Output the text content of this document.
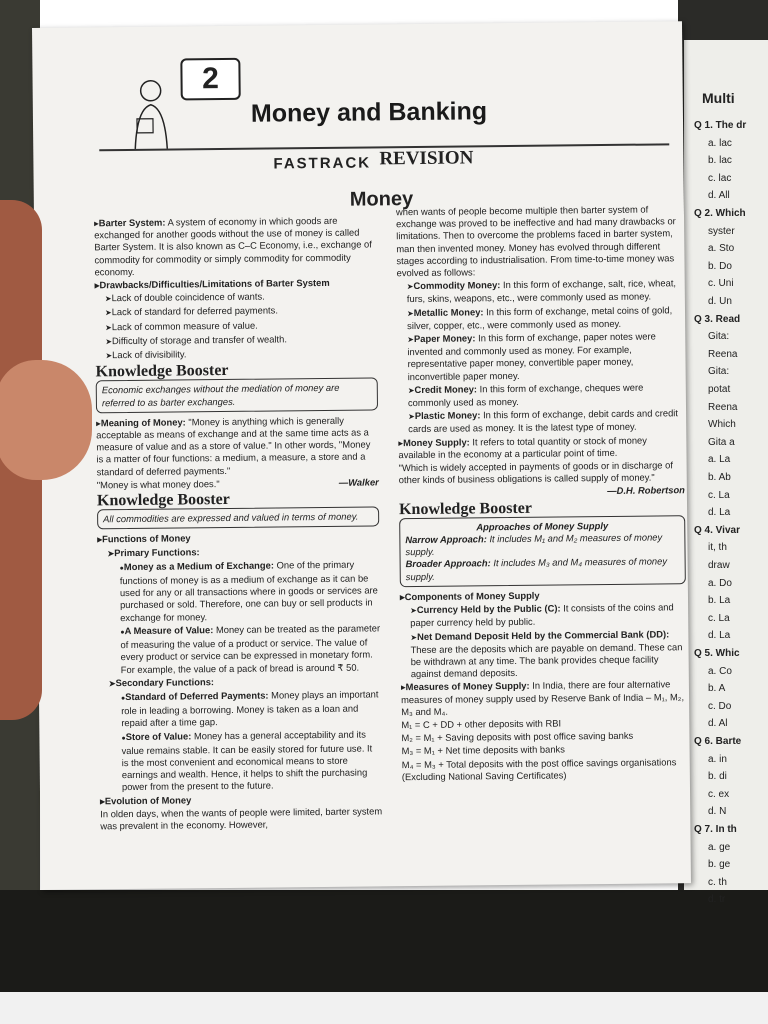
Multi
Q 1. The dr
a. lac
b. lac
c. lac
d. All
Q 2. Which
syster
a. Sto
b. Do
c. Uni
d. Un
Q 3. Read
Gita:
Reena
Gita:
potat
Reena
Which
Gita a
a. La
b. Ab
c. La
d. La
Q 4. Vivar
it, th
draw
a. Do
b. La
c. La
d. La
Q 5. Whic
a. Co
b. A
c. Do
d. Al
Q 6. Barte
a. in
b. di
c. ex
d. N
Q 7. In th
a. ge
b. ge
c. th
d. tr
2
Money and Banking
FASTRACK REVISION
Money

▸ Barter System: A system of economy in which goods are exchanged for another goods without the use of money is called Barter System. It is also known as C–C Economy, i.e., exchange of commodity for commodity or simply commodity for commodity economy.

▸ Drawbacks/Difficulties/Limitations of Barter System

➤ Lack of double coincidence of wants.

➤ Lack of standard for deferred payments.

➤ Lack of common measure of value.

➤ Difficulty of storage and transfer of wealth.

➤ Lack of divisibility.

Knowledge Booster
Economic exchanges without the mediation of money are referred to as barter exchanges.

▸ Meaning of Money: "Money is anything which is generally acceptable as means of exchange and at the same time acts as a measure of value and as a store of value." In other words, "Money is a matter of four functions: a medium, a measure, a store and a standard of deferred payments."

"Money is what money does."	—Walker

Knowledge Booster
All commodities are expressed and valued in terms of money.

▸ Functions of Money

➤ Primary Functions:

● Money as a Medium of Exchange: One of the primary functions of money is as a medium of exchange as it can be used for any or all transactions where in goods or services are purchased or sold. Therefore, one can buy or sell products in exchange for money.

● A Measure of Value: Money can be treated as the parameter of measuring the value of a product or service. The value of every product or service can be expressed in monetary form. For example, the value of a pack of bread is around ₹ 50.

➤ Secondary Functions:

● Standard of Deferred Payments: Money plays an important role in leading a borrowing. Money is taken as a loan and repaid after a time gap.

● Store of Value: Money has a general acceptability and its value remains stable. It can be easily stored for future use. It is the most convenient and economical means to store earnings and wealth. Hence, it helps to shift the purchasing power from the present to the future.

▸ Evolution of Money

In olden days, when the wants of people were limited, barter system was prevalent in the economy. However,

when wants of people become multiple then barter system of exchange was proved to be ineffective and had many drawbacks or limitations. Then to overcome the problems faced in barter system, man then invented money. Money has evolved through different stages according to industrialisation. From time-to-time money was evolved as follows:

➤ Commodity Money: In this form of exchange, salt, rice, wheat, furs, skins, weapons, etc., were commonly used as money.

➤ Metallic Money: In this form of exchange, metal coins of gold, silver, copper, etc., were commonly used as money.

➤ Paper Money: In this form of exchange, paper notes were invented and commonly used as money. For example, representative paper money, convertible paper money, inconvertible paper money.

➤ Credit Money: In this form of exchange, cheques were commonly used as money.

➤ Plastic Money: In this form of exchange, debit cards and credit cards are used as money. It is the latest type of money.

▸ Money Supply: It refers to total quantity or stock of money available in the economy at a particular point of time.

"Which is widely accepted in payments of goods or in discharge of other kinds of business obligations is called supply of money."

—D.H. Robertson

Knowledge Booster
Approaches of Money Supply
Narrow Approach: It includes M₁ and M₂ measures of money supply.
Broader Approach: It includes M₃ and M₄ measures of money supply.

▸ Components of Money Supply

➤ Currency Held by the Public (C): It consists of the coins and paper currency held by public.

➤ Net Demand Deposit Held by the Commercial Bank (DD): These are the deposits which are payable on demand. These can be withdrawn at any time. The bank provides cheque facility against demand deposits.

▸ Measures of Money Supply: In India, there are four alternative measures of money supply used by Reserve Bank of India – M₁, M₂, M₃ and M₄.

M₁ = C + DD + other deposits with RBI

M₂ = M₁ + Saving deposits with post office saving banks

M₃ = M₁ + Net time deposits with banks

M₄ = M₃ + Total deposits with the post office savings organisations (Excluding National Saving Certificates)
